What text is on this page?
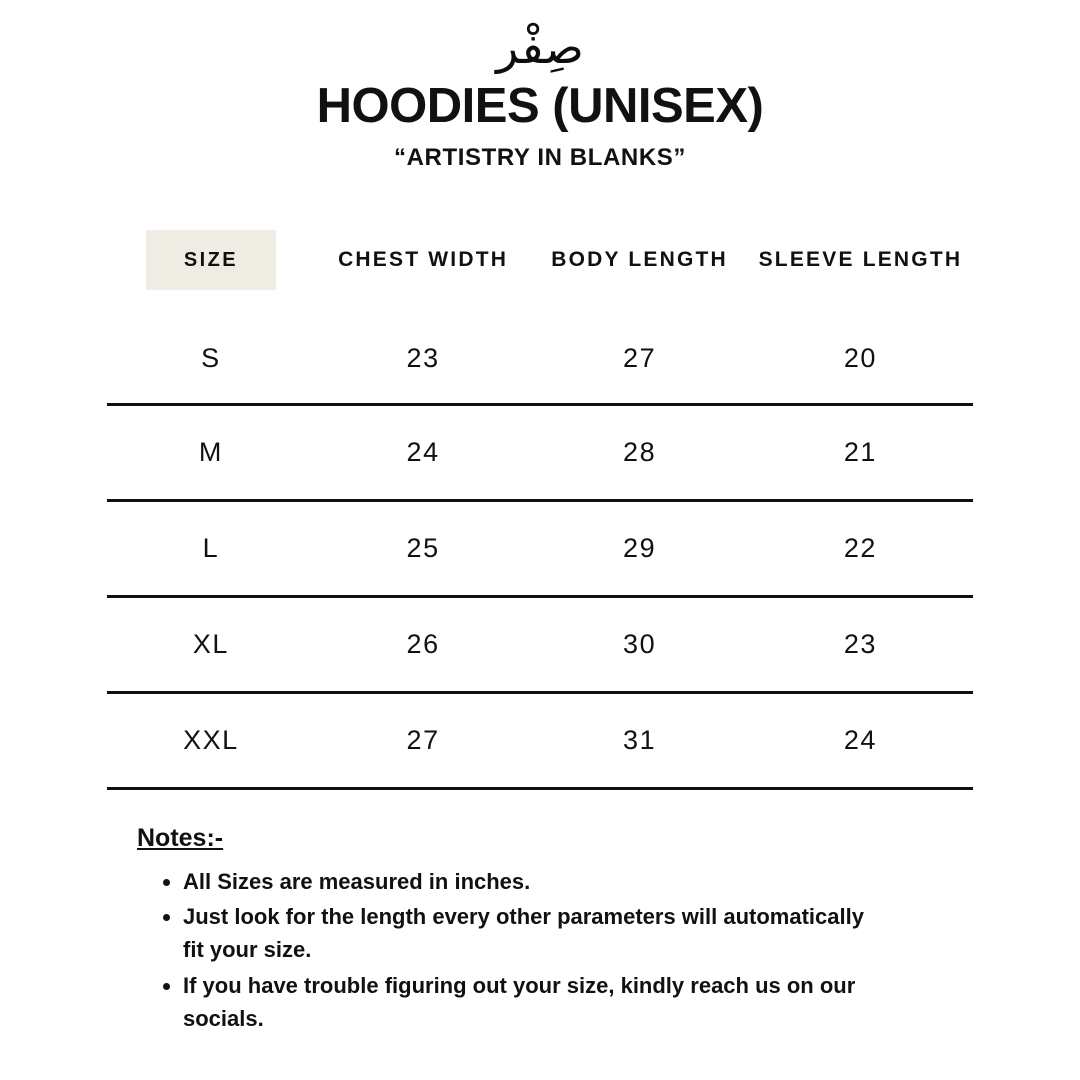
صِفْر
HOODIES (UNISEX)
“ARTISTRY IN BLANKS”
SIZE	CHEST WIDTH	BODY LENGTH	SLEEVE LENGTH
S	23	27	20
M	24	28	21
L	25	29	22
XL	26	30	23
XXL	27	31	24
Notes:-
• All Sizes are measured in inches.
• Just look for the length every other parameters will automatically fit your size.
• If you have trouble figuring out your size, kindly reach us on our socials.
